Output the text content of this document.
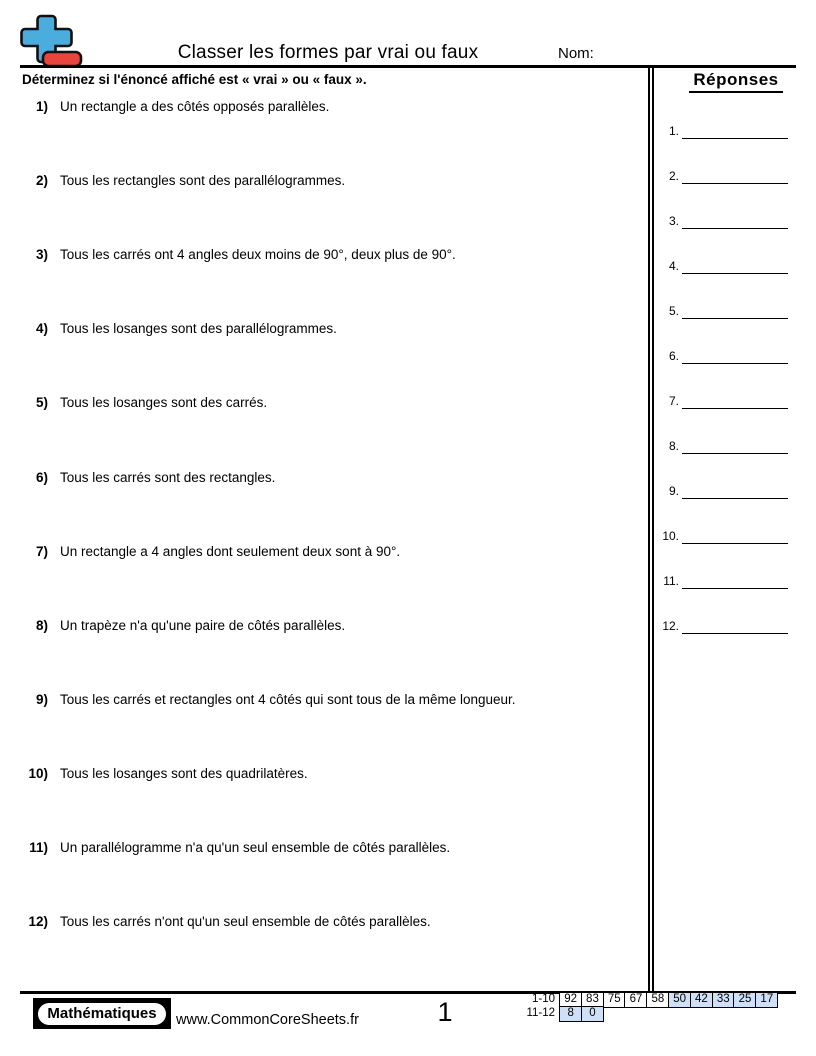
Classer les formes par vrai ou faux	Nom:
Déterminez si l'énoncé affiché est « vrai » ou « faux ».	Réponses
1.
2.
3.
4.
5.
6.
7.
8.
9.
10.
11.
12.
1) Un rectangle a des côtés opposés parallèles.
2) Tous les rectangles sont des parallélogrammes.
3) Tous les carrés ont 4 angles deux moins de 90°, deux plus de 90°.
4) Tous les losanges sont des parallélogrammes.
5) Tous les losanges sont des carrés.
6) Tous les carrés sont des rectangles.
7) Un rectangle a 4 angles dont seulement deux sont à 90°.
8) Un trapèze n'a qu'une paire de côtés parallèles.
9) Tous les carrés et rectangles ont 4 côtés qui sont tous de la même longueur.
10) Tous les losanges sont des quadrilatères.
11) Un parallélogramme n'a qu'un seul ensemble de côtés parallèles.
12) Tous les carrés n'ont qu'un seul ensemble de côtés parallèles.
Mathématiques	www.CommonCoreSheets.fr	1	1-10 92 83 75 67 58 50 42 33 25 17
11-12	8	0
